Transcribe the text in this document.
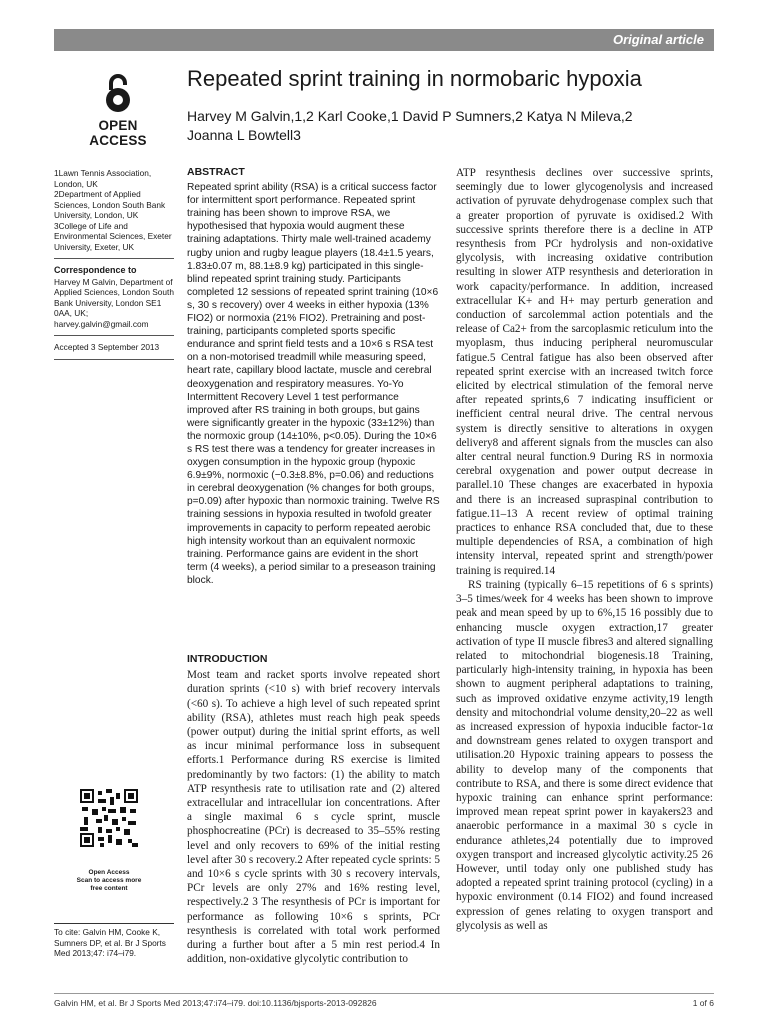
Original article
OPEN ACCESS
Repeated sprint training in normobaric hypoxia
Harvey M Galvin,1,2 Karl Cooke,1 David P Sumners,2 Katya N Mileva,2 Joanna L Bowtell3
1Lawn Tennis Association, London, UK
2Department of Applied Sciences, London South Bank University, London, UK
3College of Life and Environmental Sciences, Exeter University, Exeter, UK
Correspondence to
Harvey M Galvin, Department of Applied Sciences, London South Bank University, London SE1 0AA, UK;
harvey.galvin@gmail.com
Accepted 3 September 2013
Open Access
Scan to access more
free content
To cite: Galvin HM, Cooke K, Sumners DP, et al. Br J Sports Med 2013;47: i74–i79.
ABSTRACT

Repeated sprint ability (RSA) is a critical success factor for intermittent sport performance. Repeated sprint training has been shown to improve RSA, we hypothesised that hypoxia would augment these training adaptations. Thirty male well-trained academy rugby union and rugby league players (18.4±1.5 years, 1.83±0.07 m, 88.1±8.9 kg) participated in this single-blind repeated sprint training study. Participants completed 12 sessions of repeated sprint training (10×6 s, 30 s recovery) over 4 weeks in either hypoxia (13% FIO2) or normoxia (21% FIO2). Pretraining and post-training, participants completed sports specific endurance and sprint field tests and a 10×6 s RSA test on a non-motorised treadmill while measuring speed, heart rate, capillary blood lactate, muscle and cerebral deoxygenation and respiratory measures. Yo-Yo Intermittent Recovery Level 1 test performance improved after RS training in both groups, but gains were significantly greater in the hypoxic (33±12%) than the normoxic group (14±10%, p<0.05). During the 10×6 s RS test there was a tendency for greater increases in oxygen consumption in the hypoxic group (hypoxic 6.9±9%, normoxic (−0.3±8.8%, p=0.06) and reductions in cerebral deoxygenation (% changes for both groups, p=0.09) after hypoxic than normoxic training. Twelve RS training sessions in hypoxia resulted in twofold greater improvements in capacity to perform repeated aerobic high intensity workout than an equivalent normoxic training. Performance gains are evident in the short term (4 weeks), a period similar to a preseason training block.

INTRODUCTION

Most team and racket sports involve repeated short duration sprints (<10 s) with brief recovery intervals (<60 s). To achieve a high level of such repeated sprint ability (RSA), athletes must reach high peak speeds (power output) during the initial sprint efforts, as well as incur minimal performance loss in subsequent efforts.1 Performance during RS exercise is limited predominantly by two factors: (1) the ability to match ATP resynthesis rate to utilisation rate and (2) altered extracellular and intracellular ion concentrations. After a single maximal 6 s cycle sprint, muscle phosphocreatine (PCr) is decreased to 35–55% resting level and only recovers to 69% of the initial resting level after 30 s recovery.2 After repeated cycle sprints: 5 and 10×6 s cycle sprints with 30 s recovery intervals, PCr levels are only 27% and 16% resting level, respectively.2 3 The resynthesis of PCr is important for performance as following 10×6 s sprints, PCr resynthesis is correlated with total work performed during a further bout after a 5 min rest period.4 In addition, non-oxidative glycolytic contribution to

ATP resynthesis declines over successive sprints, seemingly due to lower glycogenolysis and increased activation of pyruvate dehydrogenase complex such that a greater proportion of pyruvate is oxidised.2 With successive sprints therefore there is a decline in ATP resynthesis from PCr hydrolysis and non-oxidative glycolysis, with increasing oxidative contribution resulting in slower ATP resynthesis and deterioration in work capacity/performance. In addition, increased extracellular K+ and H+ may perturb generation and conduction of sarcolemmal action potentials and the release of Ca2+ from the sarcoplasmic reticulum into the myoplasm, thus inducing peripheral neuromuscular fatigue.5 Central fatigue has also been observed after repeated sprint exercise with an increased twitch force elicited by electrical stimulation of the femoral nerve after repeated sprints,6 7 indicating insufficient or inefficient central neural drive. The central nervous system is directly sensitive to alterations in oxygen delivery8 and afferent signals from the muscles can also alter central neural function.9 During RS in normoxia cerebral oxygenation and power output decrease in parallel.10 These changes are exacerbated in hypoxia and there is an increased supraspinal contribution to fatigue.11–13 A recent review of optimal training practices to enhance RSA concluded that, due to these multiple dependencies of RSA, a combination of high intensity interval, repeated sprint and strength/power training is required.14

RS training (typically 6–15 repetitions of 6 s sprints) 3–5 times/week for 4 weeks has been shown to improve peak and mean speed by up to 6%,15 16 possibly due to enhancing muscle oxygen extraction,17 greater activation of type II muscle fibres3 and altered signalling related to mitochondrial biogenesis.18 Training, particularly high-intensity training, in hypoxia has been shown to augment peripheral adaptations to training, such as improved oxidative enzyme activity,19 length density and mitochondrial volume density,20–22 as well as increased expression of hypoxia inducible factor-1α and downstream genes related to oxygen transport and utilisation.20 Hypoxic training appears to possess the ability to develop many of the components that contribute to RSA, and there is some direct evidence that hypoxic training can enhance sprint performance: improved mean repeat sprint power in kayakers23 and anaerobic performance in a maximal 30 s cycle in endurance athletes,24 potentially due to improved oxygen transport and increased glycolytic activity.25 26 However, until today only one published study has adopted a repeated sprint training protocol (cycling) in a hypoxic environment (0.14 FIO2) and found increased expression of genes relating to oxygen transport and glycolysis as well as

Galvin HM, et al. Br J Sports Med 2013;47:i74–i79. doi:10.1136/bjsports-2013-092826	1 of 6
